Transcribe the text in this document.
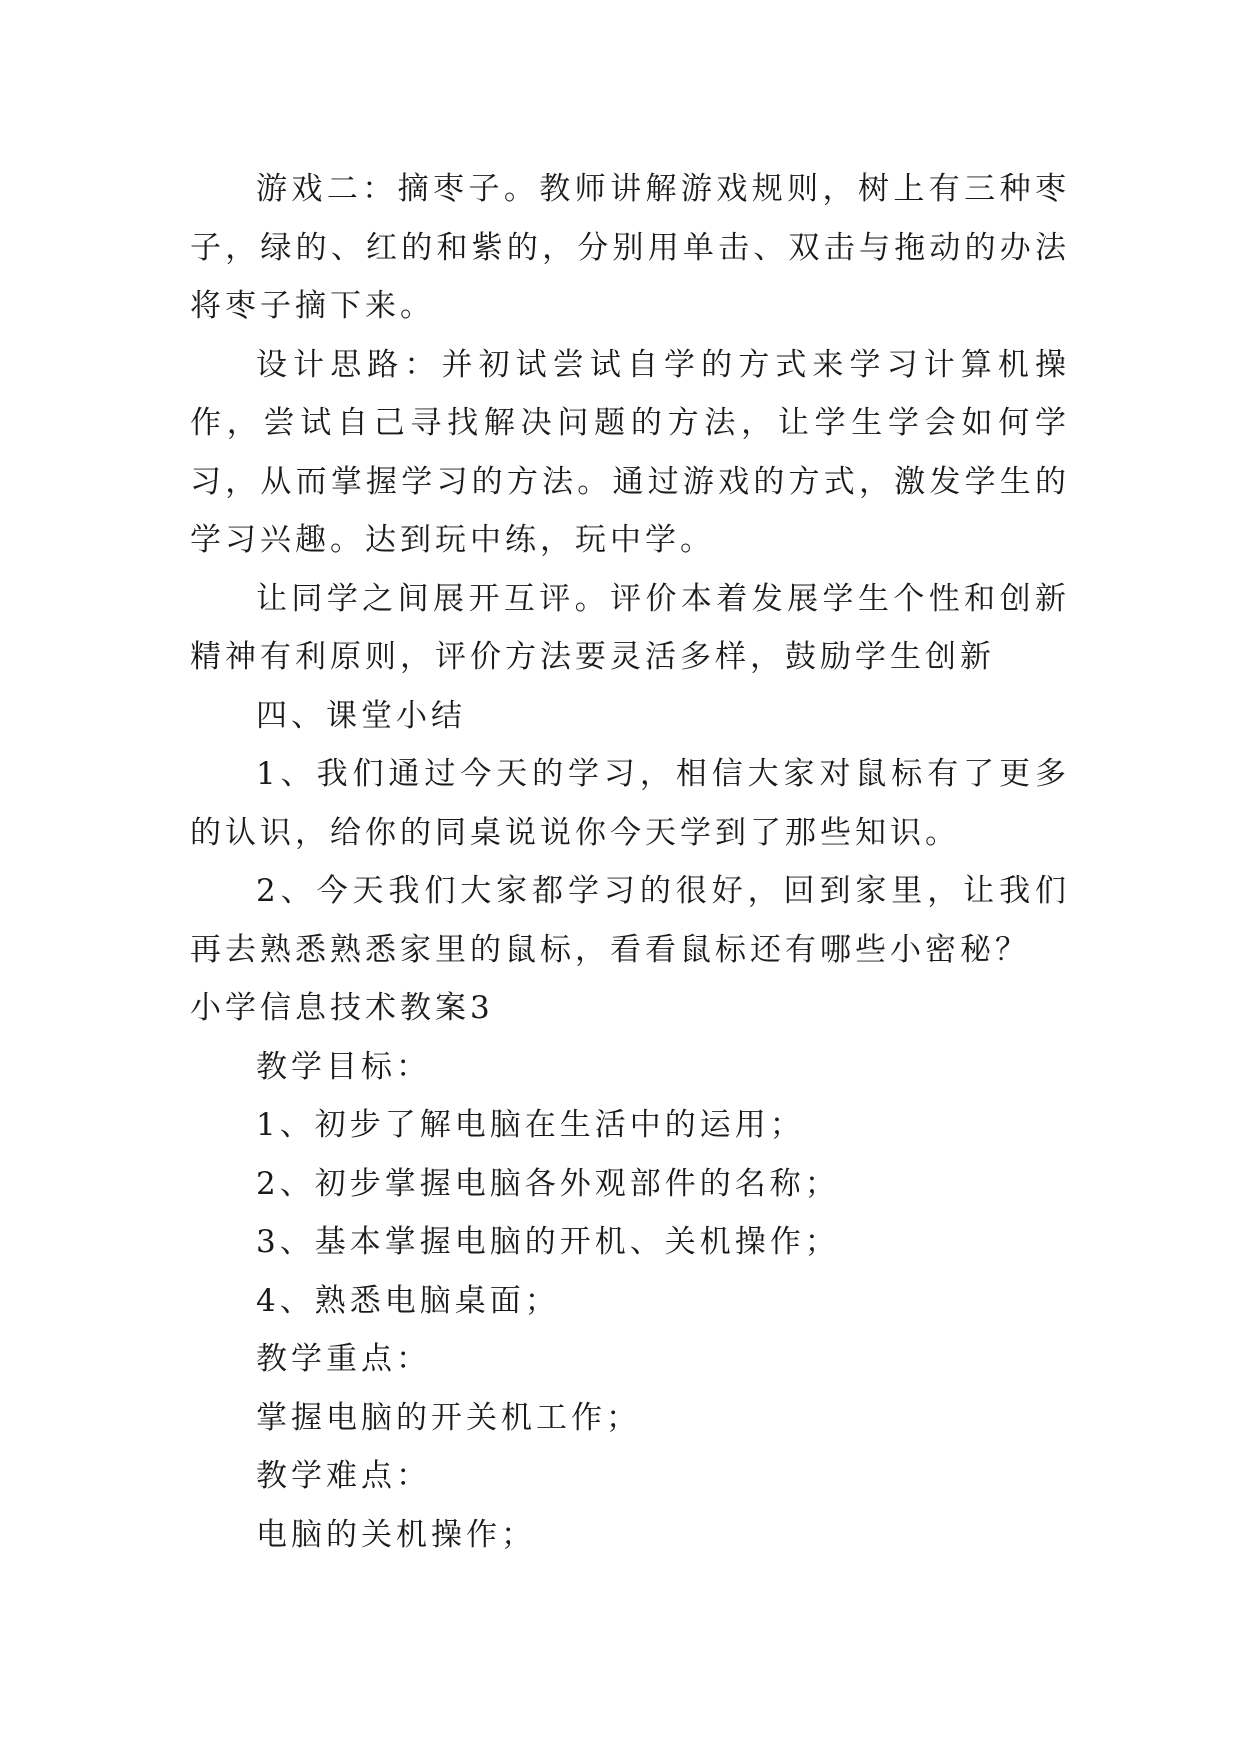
游戏二：摘枣子。教师讲解游戏规则，树上有三种枣子，绿的、红的和紫的，分别用单击、双击与拖动的办法将枣子摘下来。

设计思路：并初试尝试自学的方式来学习计算机操作，尝试自己寻找解决问题的方法，让学生学会如何学习，从而掌握学习的方法。通过游戏的方式，激发学生的学习兴趣。达到玩中练，玩中学。

让同学之间展开互评。评价本着发展学生个性和创新精神有利原则，评价方法要灵活多样，鼓励学生创新

四、课堂小结

1、我们通过今天的学习，相信大家对鼠标有了更多的认识，给你的同桌说说你今天学到了那些知识。

2、今天我们大家都学习的很好，回到家里，让我们再去熟悉熟悉家里的鼠标，看看鼠标还有哪些小密秘？

小学信息技术教案3

教学目标：

1、初步了解电脑在生活中的运用；

2、初步掌握电脑各外观部件的名称；

3、基本掌握电脑的开机、关机操作；

4、熟悉电脑桌面；

教学重点：

掌握电脑的开关机工作；

教学难点：

电脑的关机操作；
